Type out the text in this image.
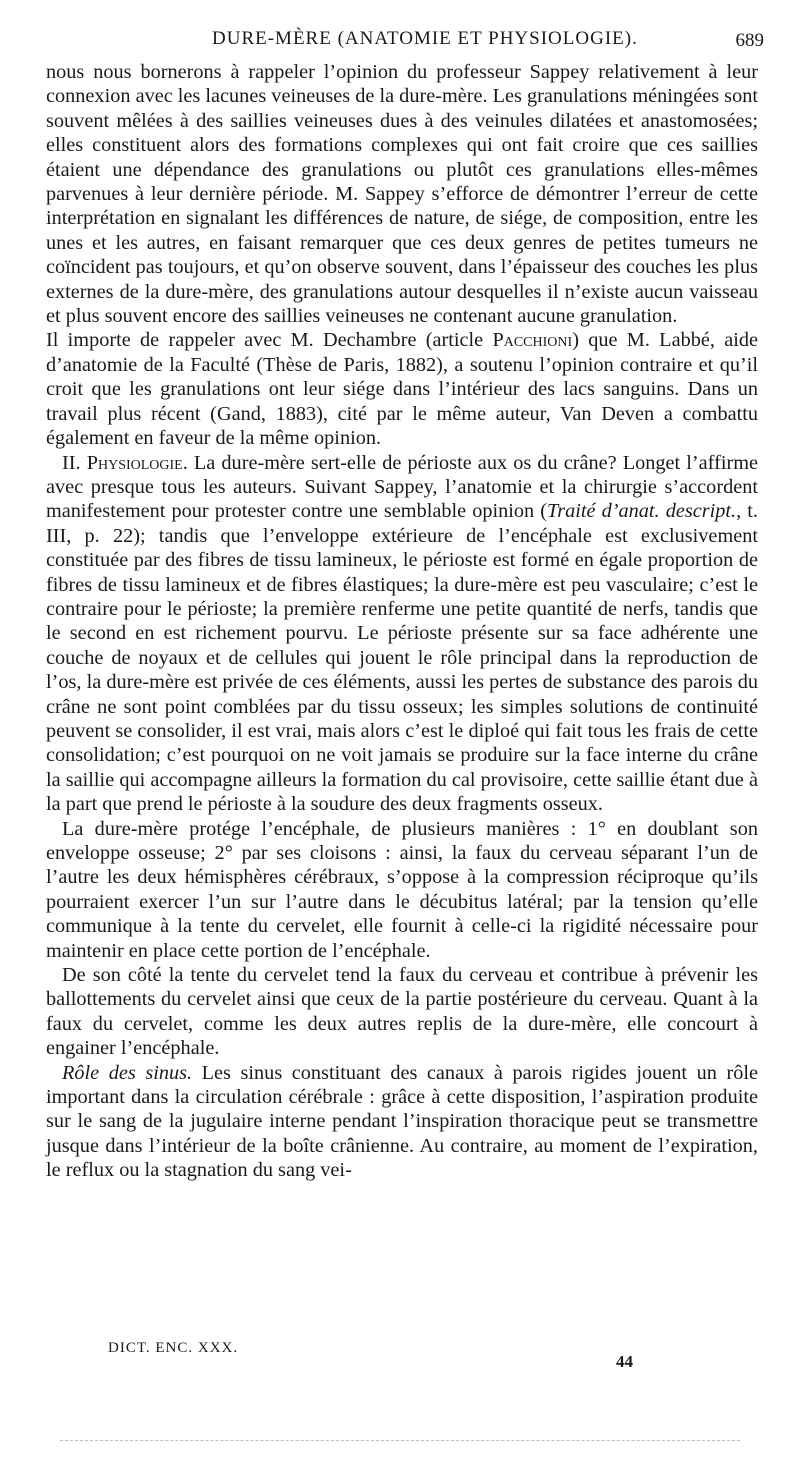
DURE-MÈRE (ANATOMIE ET PHYSIOLOGIE).	689

nous nous bornerons à rappeler l’opinion du professeur Sappey relativement à leur connexion avec les lacunes veineuses de la dure-mère. Les granulations méningées sont souvent mêlées à des saillies veineuses dues à des veinules dilatées et anastomosées; elles constituent alors des formations complexes qui ont fait croire que ces saillies étaient une dépendance des granulations ou plutôt ces granulations elles-mêmes parvenues à leur dernière période. M. Sappey s’efforce de démontrer l’erreur de cette interprétation en signalant les différences de nature, de siége, de composition, entre les unes et les autres, en faisant remarquer que ces deux genres de petites tumeurs ne coïncident pas toujours, et qu’on observe souvent, dans l’épaisseur des couches les plus externes de la dure-mère, des granulations autour desquelles il n’existe aucun vaisseau et plus souvent encore des saillies veineuses ne contenant aucune granulation.

Il importe de rappeler avec M. Dechambre (article Pacchioni) que M. Labbé, aide d’anatomie de la Faculté (Thèse de Paris, 1882), a soutenu l’opinion contraire et qu’il croit que les granulations ont leur siége dans l’intérieur des lacs sanguins. Dans un travail plus récent (Gand, 1883), cité par le même auteur, Van Deven a combattu également en faveur de la même opinion.

II. Physiologie. La dure-mère sert-elle de périoste aux os du crâne? Longet l’affirme avec presque tous les auteurs. Suivant Sappey, l’anatomie et la chirurgie s’accordent manifestement pour protester contre une semblable opinion (Traité d’anat. descript., t. III, p. 22); tandis que l’enveloppe extérieure de l’encéphale est exclusivement constituée par des fibres de tissu lamineux, le périoste est formé en égale proportion de fibres de tissu lamineux et de fibres élastiques; la dure-mère est peu vasculaire; c’est le contraire pour le périoste; la première renferme une petite quantité de nerfs, tandis que le second en est richement pourvu. Le périoste présente sur sa face adhérente une couche de noyaux et de cellules qui jouent le rôle principal dans la reproduction de l’os, la dure-mère est privée de ces éléments, aussi les pertes de substance des parois du crâne ne sont point comblées par du tissu osseux; les simples solutions de continuité peuvent se consolider, il est vrai, mais alors c’est le diploé qui fait tous les frais de cette consolidation; c’est pourquoi on ne voit jamais se produire sur la face interne du crâne la saillie qui accompagne ailleurs la formation du cal provisoire, cette saillie étant due à la part que prend le périoste à la soudure des deux fragments osseux.

La dure-mère protége l’encéphale, de plusieurs manières : 1° en doublant son enveloppe osseuse; 2° par ses cloisons : ainsi, la faux du cerveau séparant l’un de l’autre les deux hémisphères cérébraux, s’oppose à la compression réciproque qu’ils pourraient exercer l’un sur l’autre dans le décubitus latéral; par la tension qu’elle communique à la tente du cervelet, elle fournit à celle-ci la rigidité nécessaire pour maintenir en place cette portion de l’encéphale.

De son côté la tente du cervelet tend la faux du cerveau et contribue à prévenir les ballottements du cervelet ainsi que ceux de la partie postérieure du cerveau. Quant à la faux du cervelet, comme les deux autres replis de la dure-mère, elle concourt à engainer l’encéphale.

Rôle des sinus. Les sinus constituant des canaux à parois rigides jouent un rôle important dans la circulation cérébrale : grâce à cette disposition, l’aspiration produite sur le sang de la jugulaire interne pendant l’inspiration thoracique peut se transmettre jusque dans l’intérieur de la boîte crânienne. Au contraire, au moment de l’expiration, le reflux ou la stagnation du sang vei-

DICT. ENC. XXX.
44
